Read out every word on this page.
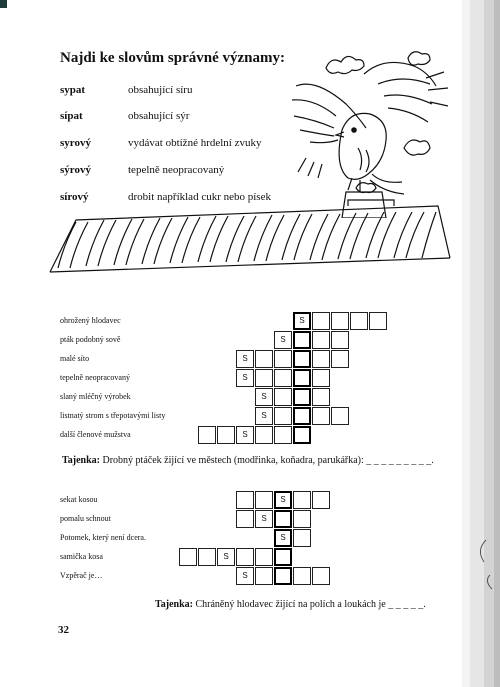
Najdi ke slovům správné významy:
sypat	obsahující síru
sípat	obsahující sýr
syrový	vydávat obtížné hrdelní zvuky
sýrový	tepelně neopracovaný
sírový	drobit například cukr nebo písek
ohrožený hlodavec
pták podobný sově
malé síto
tepelně neopracovaný
slaný mléčný výrobek
listnatý strom s třepotavými listy
další členové mužstva
S
S
S
S
S
S
S
Tajenka: Drobný ptáček žijící ve městech (modřinka, koňadra, parukářka): _ _ _ _ _ _ _ _ _.
sekat kosou
pomalu schnout
Potomek, který není dcera.
samička kosa
Vzpěrač je…
S
S
S
S
S
Tajenka: Chráněný hlodavec žijící na polích a loukách je _ _ _ _ _.
32
